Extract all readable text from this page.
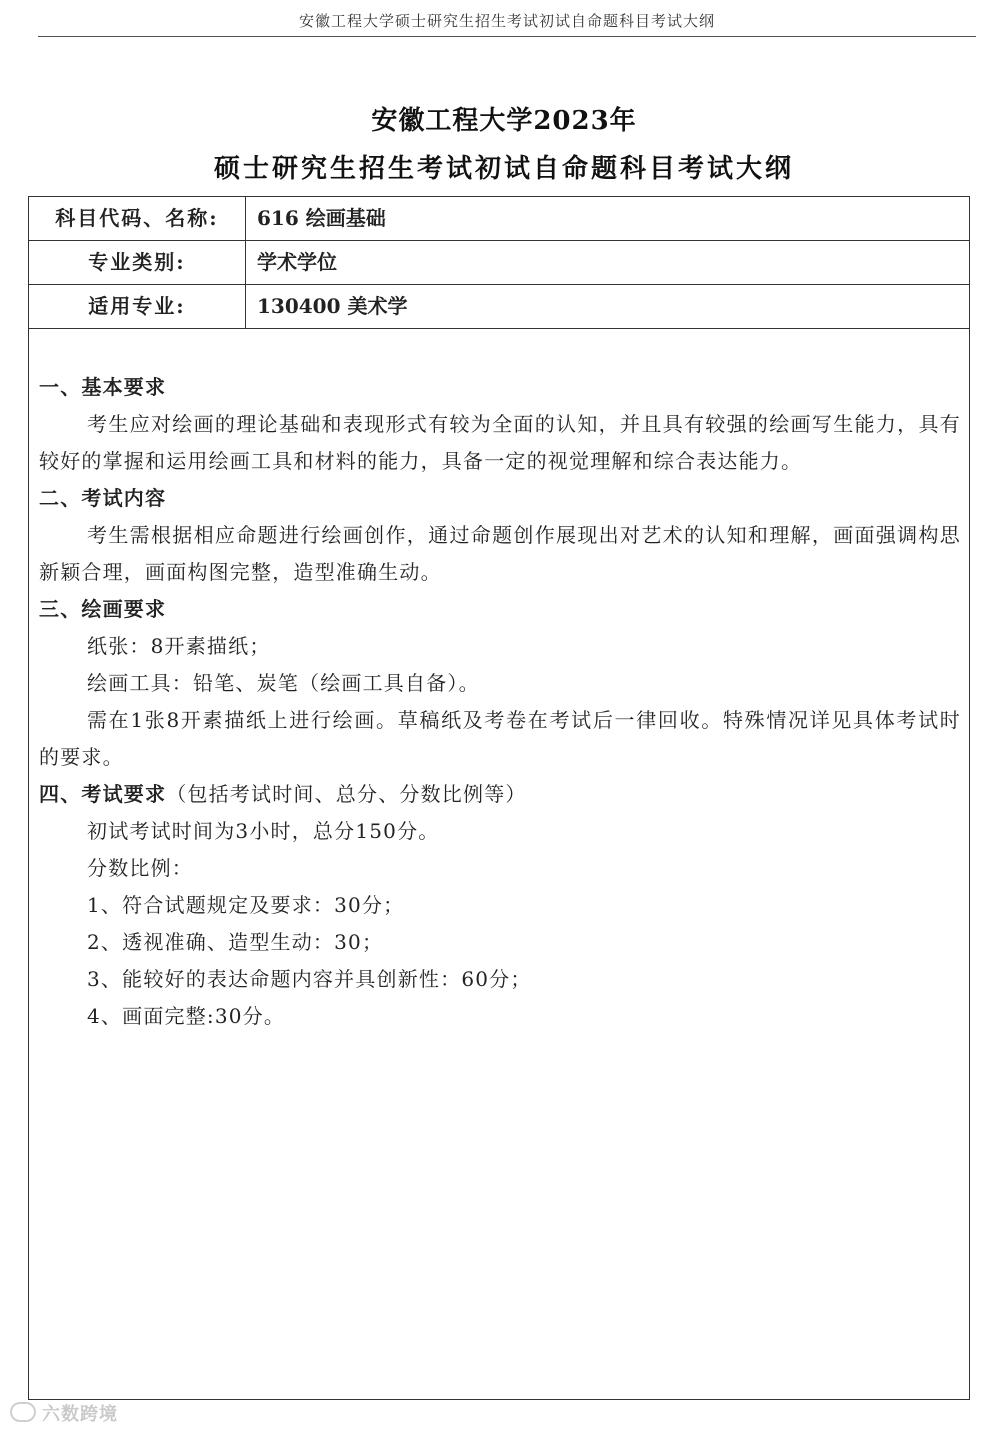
安徽工程大学硕士研究生招生考试初试自命题科目考试大纲
安徽工程大学2023年
硕士研究生招生考试初试自命题科目考试大纲
科目代码、名称:	616 绘画基础
专业类别:	学术学位
适用专业:	130400 美术学

一、基本要求

考生应对绘画的理论基础和表现形式有较为全面的认知，并且具有较强的绘画写生能力，具有较好的掌握和运用绘画工具和材料的能力，具备一定的视觉理解和综合表达能力。

二、考试内容

考生需根据相应命题进行绘画创作，通过命题创作展现出对艺术的认知和理解，画面强调构思新颖合理，画面构图完整，造型准确生动。

三、绘画要求

纸张：8开素描纸；

绘画工具：铅笔、炭笔（绘画工具自备）。

需在1张8开素描纸上进行绘画。草稿纸及考卷在考试后一律回收。特殊情况详见具体考试时的要求。

四、考试要求（包括考试时间、总分、分数比例等）

初试考试时间为3小时，总分150分。

分数比例：

1、符合试题规定及要求：30分；

2、透视准确、造型生动：30；

3、能较好的表达命题内容并具创新性：60分；

4、画面完整:30分。

六数跨境
